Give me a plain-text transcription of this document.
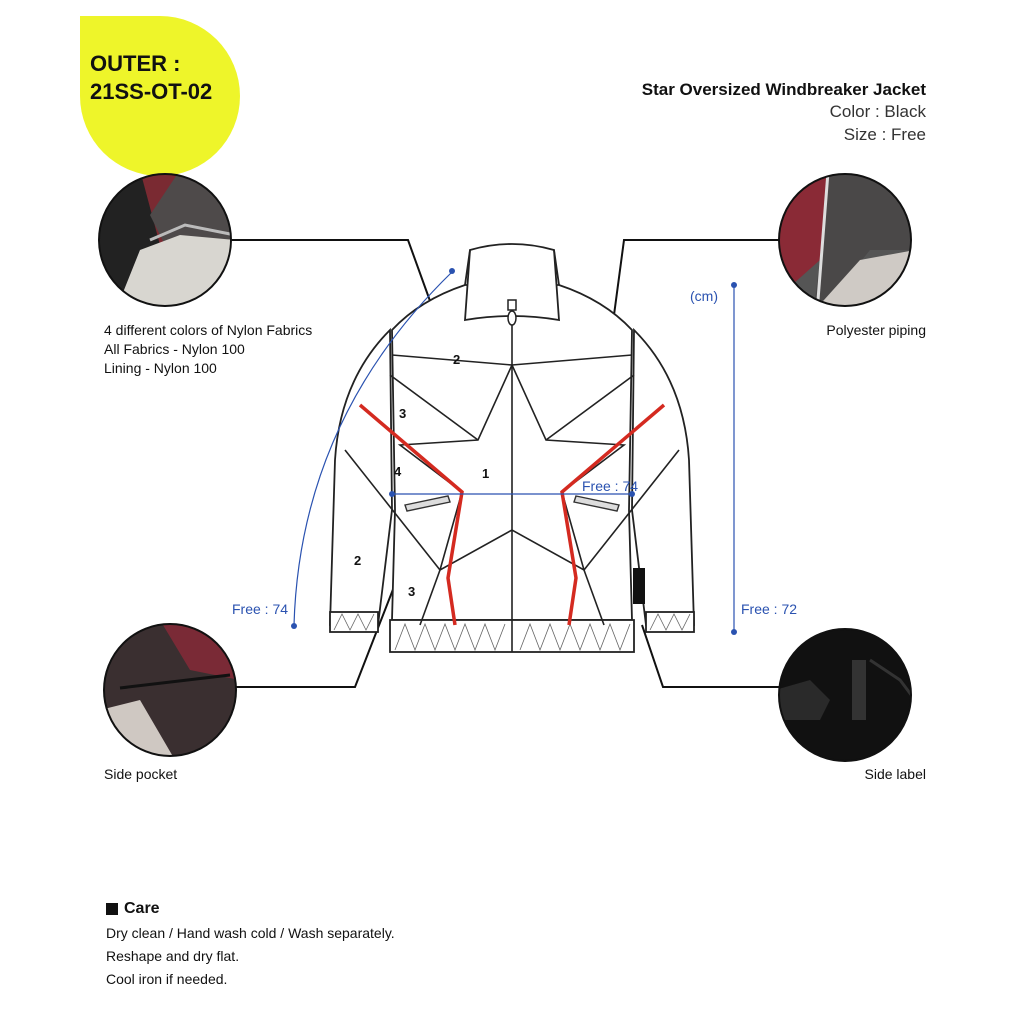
OUTER :
21SS-OT-02	Star Oversized Windbreaker Jacket
Color : Black
Size : Free
2
3
4	1
2
3
(cm)
Free : 74
Free : 74	Free : 72
4 different colors of Nylon Fabrics
All Fabrics - Nylon 100
Lining - Nylon 100
Polyester piping
Side pocket	Side label
Care
Dry clean / Hand wash cold / Wash separately.
Reshape and dry flat.
Cool iron if needed.
